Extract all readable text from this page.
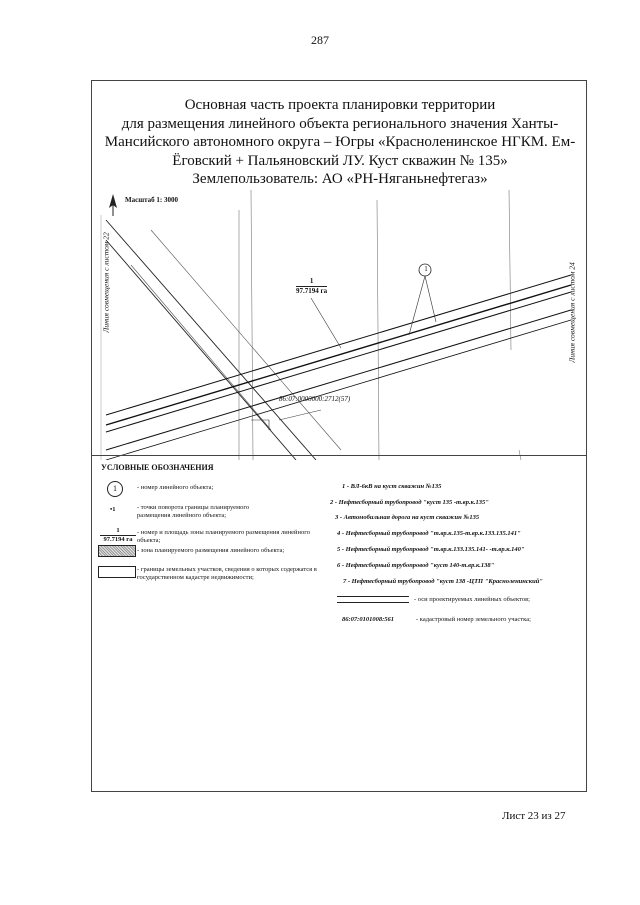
287
Основная часть проекта планировки территории
для размещения линейного объекта регионального значения Ханты-
Мансийского автономного округа – Югры «Красноленинское НГКМ. Ем-
Ёговский + Пальяновский ЛУ. Куст скважин № 135»
Землепользователь: АО «РН-Няганьнефтегаз»
1
Масштаб 1: 3000
1
97.7194 га
86:07:0000000:2712(57)
Линия совмещения с листом 22	Линия совмещения с листом 24
УСЛОВНЫЕ ОБОЗНАЧЕНИЯ
1	- номер линейного объекта;
•1	- точки поворота границы планируемого размещения линейного объекта;
1
97.7194 га
- номер и площадь зоны планируемого размещения линейного объекта;
- зона планируемого размещения линейного объекта;
- границы земельных участков, сведения о которых содержатся в государственном кадастре недвижимости;
1 - ВЛ-6кВ на куст скважин №135
2 - Нефтесборный трубопровод "куст 135 -т.вр.к.135"
3 - Автомобильная дорога на куст скважин №135
4 - Нефтесборный трубопровод "т.вр.к.135-т.вр.к.133.135.141"
5 - Нефтесборный трубопровод "т.вр.к.133.135.141- -т.вр.к.140"
6 - Нефтесборный трубопровод "куст 140-т.вр.к.138"
7 - Нефтесборный трубопровод "куст 138 -ЦТП "Красноленинский"
- оси проектируемых линейных объектов;
86:07:0101008:561	- кадастровый номер земельного участка;
Лист 23 из 27
